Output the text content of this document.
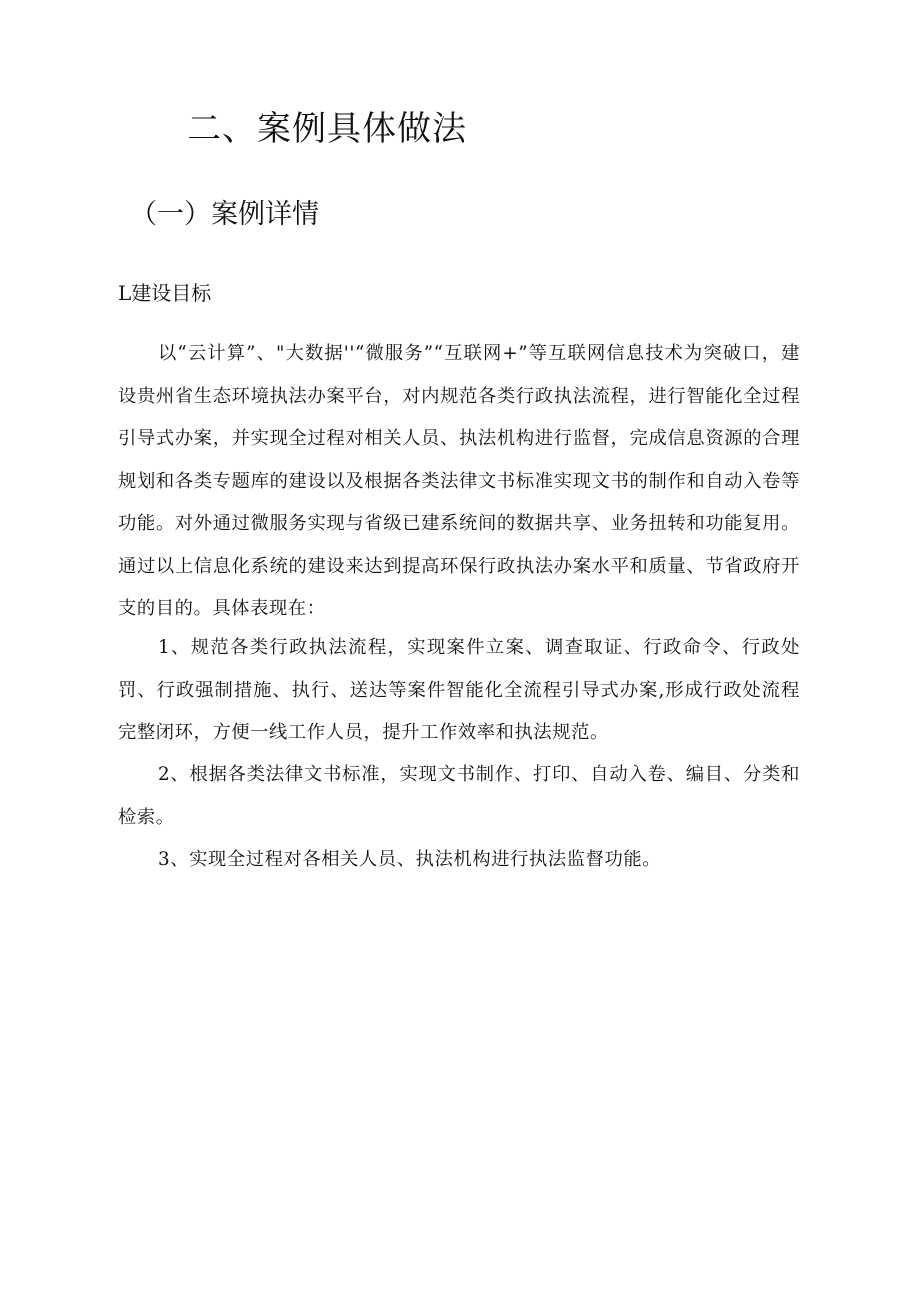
二、案例具体做法
（一）案例详情
L建设目标

以“云计算”、"大数据''“微服务”“互联网+”等互联网信息技术为突破口，建设贵州省生态环境执法办案平台，对内规范各类行政执法流程，进行智能化全过程引导式办案，并实现全过程对相关人员、执法机构进行监督，完成信息资源的合理规划和各类专题库的建设以及根据各类法律文书标准实现文书的制作和自动入卷等功能。对外通过微服务实现与省级已建系统间的数据共享、业务扭转和功能复用。通过以上信息化系统的建设来达到提高环保行政执法办案水平和质量、节省政府开支的目的。具体表现在：

1、规范各类行政执法流程，实现案件立案、调查取证、行政命令、行政处罚、行政强制措施、执行、送达等案件智能化全流程引导式办案,形成行政处流程完整闭环，方便一线工作人员，提升工作效率和执法规范。

2、根据各类法律文书标准，实现文书制作、打印、自动入卷、编目、分类和检索。

3、实现全过程对各相关人员、执法机构进行执法监督功能。
